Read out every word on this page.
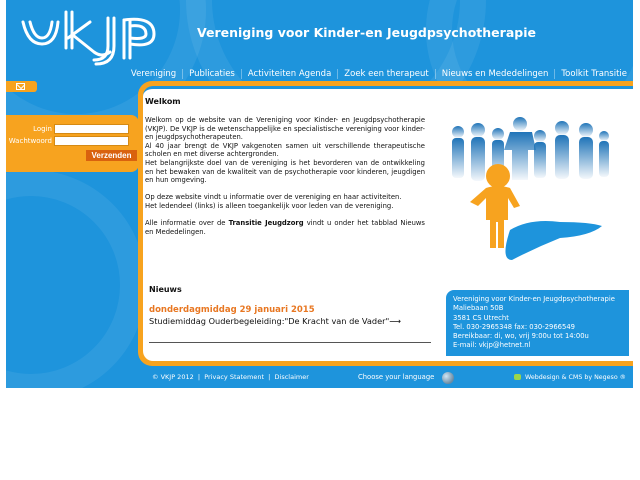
Vereniging voor Kinder-en Jeugdpsychotherapie
Vereniging	Publicaties	Activiteiten Agenda	Zoek een therapeut	Nieuws en Mededelingen	Toolkit Transitie
Login
Wachtwoord
Verzenden
Welkom

Welkom op de website van de Vereniging voor Kinder- en Jeugdpsychotherapie (VKJP). De VKJP is de wetenschappelijke en specialistische vereniging voor kinder- en jeugdpsychotherapeuten.

Al 40 jaar brengt de VKJP vakgenoten samen uit verschillende therapeutische scholen en met diverse achtergronden.

Het belangrijkste doel van de vereniging is het bevorderen van de ontwikkeling en het bewaken van de kwaliteit van de psychotherapie voor kinderen, jeugdigen en hun omgeving.

Op deze website vindt u informatie over de vereniging en haar activiteiten.

Het ledendeel (links) is alleen toegankelijk voor leden van de vereniging.

Alle informatie over de Transitie Jeugdzorg vindt u onder het tabblad Nieuws en Mededelingen.

Nieuws
donderdagmiddag 29 januari 2015
Studiemiddag Ouderbegeleiding:"De Kracht van de Vader"⟶
Vereniging voor Kinder-en Jeugdpsychotherapie
Maliebaan 50B
3581 CS Utrecht
Tel. 030-2965348 fax: 030-2966549
Bereikbaar: di, wo, vrij 9:00u tot 14:00u
E-mail: vkjp@hetnet.nl
© VKJP 2012 | Privacy Statement | Disclaimer	Choose your language	Webdesign & CMS by Negeso ®
